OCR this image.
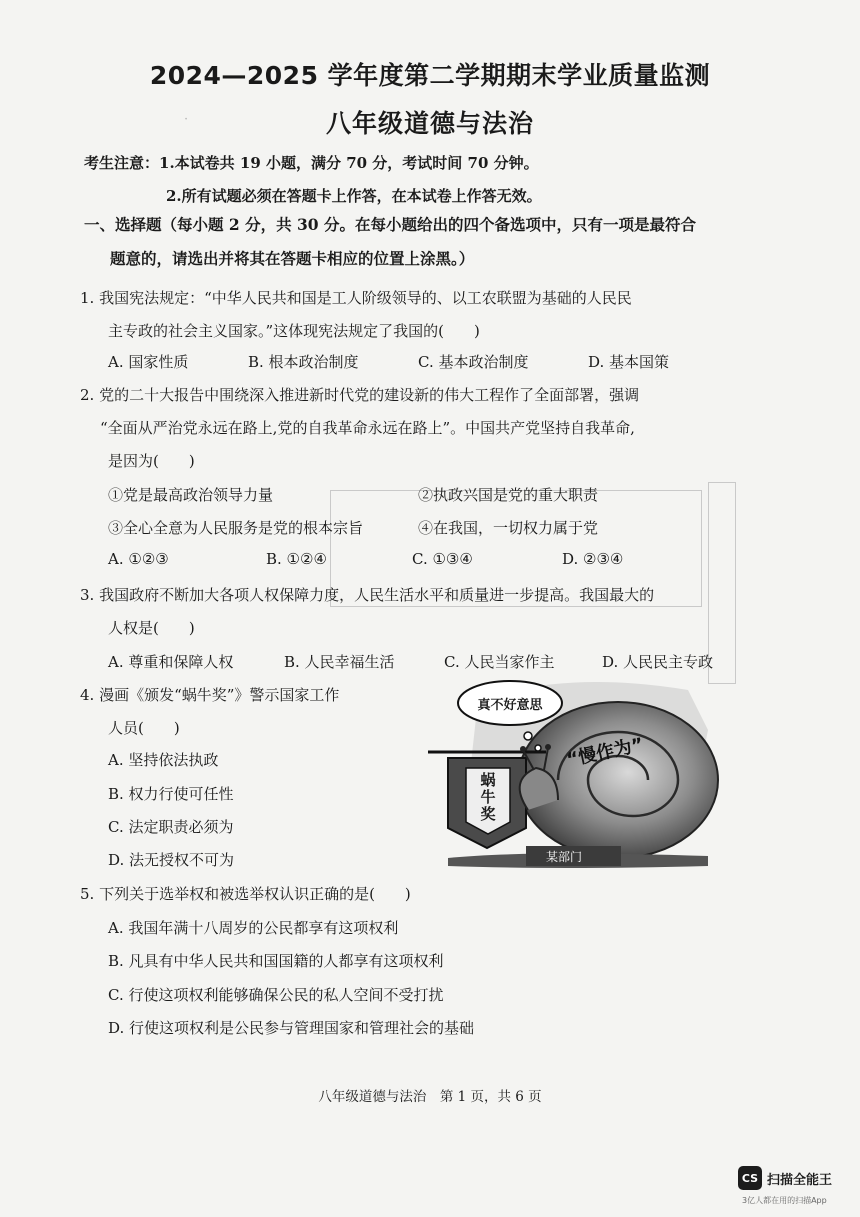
·　　　
2024—2025 学年度第二学期期末学业质量监测
八年级道德与法治
考生注意：1.本试卷共 19 小题，满分 70 分，考试时间 70 分钟。
2.所有试题必须在答题卡上作答，在本试卷上作答无效。
一、选择题（每小题 2 分，共 30 分。在每小题给出的四个备选项中，只有一项是最符合
题意的，请选出并将其在答题卡相应的位置上涂黑。）
1. 我国宪法规定：“中华人民共和国是工人阶级领导的、以工农联盟为基础的人民民
主专政的社会主义国家。”这体现宪法规定了我国的(　　)
A. 国家性质	B. 根本政治制度	C. 基本政治制度	D. 基本国策
2. 党的二十大报告中围绕深入推进新时代党的建设新的伟大工程作了全面部署，强调
“全面从严治党永远在路上,党的自我革命永远在路上”。中国共产党坚持自我革命,
是因为(　　)
①党是最高政治领导力量	②执政兴国是党的重大职责
③全心全意为人民服务是党的根本宗旨	④在我国，一切权力属于党
A. ①②③	B. ①②④	C. ①③④	D. ②③④
3. 我国政府不断加大各项人权保障力度，人民生活水平和质量进一步提高。我国最大的
人权是(　　)
A. 尊重和保障人权	B. 人民幸福生活	C. 人民当家作主	D. 人民民主专政
4. 漫画《颁发“蜗牛奖”》警示国家工作
人员(　　)
A. 坚持依法执政
B. 权力行使可任性
C. 法定职责必须为
D. 法无授权不可为
真不好意思
“慢作为”
蜗牛奖
某部门
5. 下列关于选举权和被选举权认识正确的是(　　)
A. 我国年满十八周岁的公民都享有这项权利
B. 凡具有中华人民共和国国籍的人都享有这项权利
C. 行使这项权利能够确保公民的私人空间不受打扰
D. 行使这项权利是公民参与管理国家和管理社会的基础
八年级道德与法治　第 1 页，共 6 页
CS 扫描全能王
3亿人都在用的扫描App
